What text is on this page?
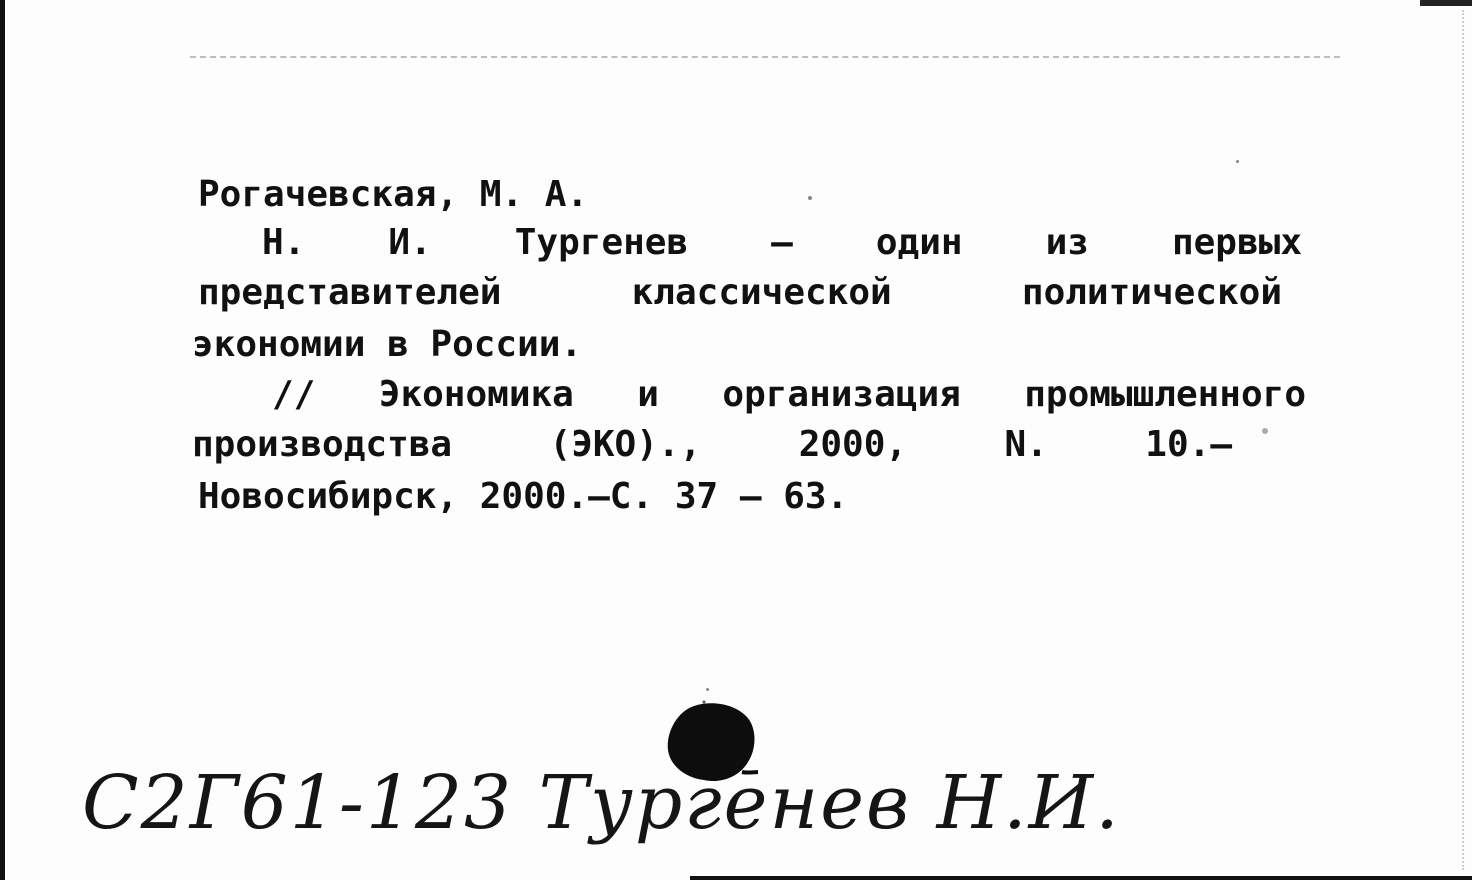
Рогачевская, М. А.
Н. И. Тургенев – один из первых
представителей	классической	политической
экономии в России.
// Экономика и организация промышленного
производства	(ЭКО).,	2000,	N.	10.–
Новосибирск, 2000.–С. 37 – 63.
С2Г61-123 Тургенев Н.И.
